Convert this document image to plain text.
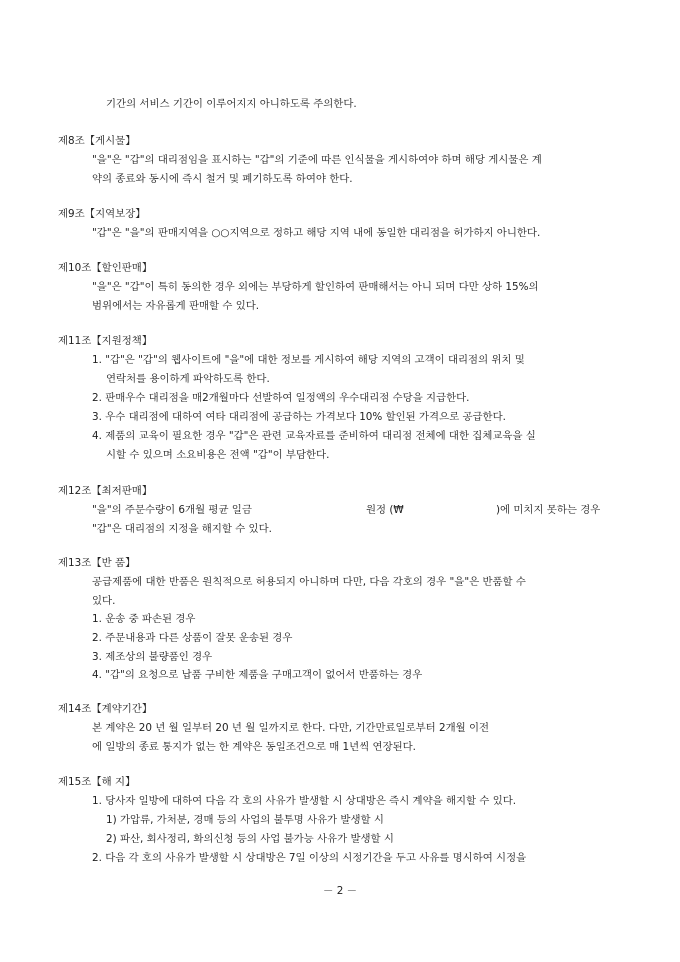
기간의 서비스 기간이 이루어지지 아니하도록 주의한다.
제8조【게시물】
"을"은 "갑"의 대리점임을 표시하는 "갑"의 기준에 따른 인식물을 게시하여야 하며 해당 게시물은 계
약의 종료와 동시에 즉시 철거 및 폐기하도록 하여야 한다.
제9조【지역보장】
"갑"은 "을"의 판매지역을 ○○지역으로 정하고 해당 지역 내에 동일한 대리점을 허가하지 아니한다.
제10조【할인판매】
"을"은 "갑"이 특히 동의한 경우 외에는 부당하게 할인하여 판매해서는 아니 되며 다만 상하 15%의
범위에서는 자유롭게 판매할 수 있다.
제11조【지원정책】
1. "갑"은 "갑"의 웹사이트에 "을"에 대한 정보를 게시하여 해당 지역의 고객이 대리점의 위치 및
연락처를 용이하게 파악하도록 한다.
2. 판매우수 대리점을 매2개월마다 선발하여 일정액의 우수대리점 수당을 지급한다.
3. 우수 대리점에 대하여 여타 대리점에 공급하는 가격보다 10% 할인된 가격으로 공급한다.
4. 제품의 교육이 필요한 경우 "갑"은 관련 교육자료를 준비하여 대리점 전체에 대한 집체교육을 실
시할 수 있으며 소요비용은 전액 "갑"이 부담한다.
제12조【최저판매】
"을"의 주문수량이 6개월 평균 일금	원정 (₩	)에 미치지 못하는 경우
"갑"은 대리점의 지정을 해지할 수 있다.
제13조【반 품】
공급제품에 대한 반품은 원칙적으로 허용되지 아니하며 다만, 다음 각호의 경우 "을"은 반품할 수
있다.
1. 운송 중 파손된 경우
2. 주문내용과 다른 상품이 잘못 운송된 경우
3. 제조상의 불량품인 경우
4. "갑"의 요청으로 납품 구비한 제품을 구매고객이 없어서 반품하는 경우
제14조【계약기간】
본 계약은 20 년 월 일부터 20 년 월 일까지로 한다. 다만, 기간만료일로부터 2개월 이전
에 일방의 종료 통지가 없는 한 계약은 동일조건으로 매 1년씩 연장된다.
제15조【해 지】
1. 당사자 일방에 대하여 다음 각 호의 사유가 발생할 시 상대방은 즉시 계약을 해지할 수 있다.
1) 가압류, 가처분, 경매 등의 사업의 불투명 사유가 발생할 시
2) 파산, 회사정리, 화의신청 등의 사업 불가능 사유가 발생할 시
2. 다음 각 호의 사유가 발생할 시 상대방은 7일 이상의 시정기간을 두고 사유를 명시하여 시정을
－ 2 －
